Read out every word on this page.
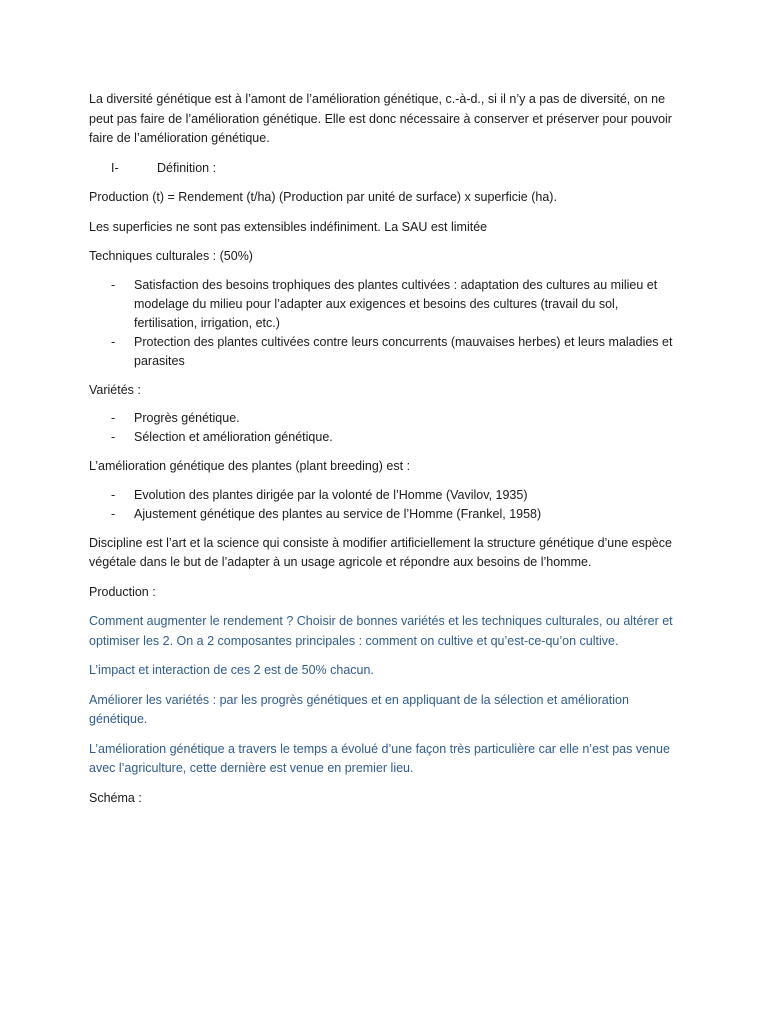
La diversité génétique est à l’amont de l’amélioration génétique, c.-à-d., si il n’y a pas de diversité, on ne peut pas faire de l’amélioration génétique. Elle est donc nécessaire à conserver et préserver pour pouvoir faire de l’amélioration génétique.

I-	Définition :

Production (t) = Rendement (t/ha) (Production par unité de surface) x superficie (ha).

Les superficies ne sont pas extensibles indéfiniment. La SAU est limitée

Techniques culturales : (50%)

- Satisfaction des besoins trophiques des plantes cultivées : adaptation des cultures au milieu et modelage du milieu pour l’adapter aux exigences et besoins des cultures (travail du sol, fertilisation, irrigation, etc.)
- Protection des plantes cultivées contre leurs concurrents (mauvaises herbes) et leurs maladies et parasites

Variétés :

- Progrès génétique.
- Sélection et amélioration génétique.

L’amélioration génétique des plantes (plant breeding) est :

- Evolution des plantes dirigée par la volonté de l’Homme (Vavilov, 1935)
- Ajustement génétique des plantes au service de l’Homme (Frankel, 1958)

Discipline est l’art et la science qui consiste à modifier artificiellement la structure génétique d’une espèce végétale dans le but de l’adapter à un usage agricole et répondre aux besoins de l’homme.

Production :

Comment augmenter le rendement ? Choisir de bonnes variétés et les techniques culturales, ou altérer et optimiser les 2. On a 2 composantes principales : comment on cultive et qu’est-ce-qu’on cultive.

L’impact et interaction de ces 2 est de 50% chacun.

Améliorer les variétés : par les progrès génétiques et en appliquant de la sélection et amélioration génétique.

L’amélioration génétique a travers le temps a évolué d’une façon très particulière car elle n’est pas venue avec l’agriculture, cette dernière est venue en premier lieu.

Schéma :
